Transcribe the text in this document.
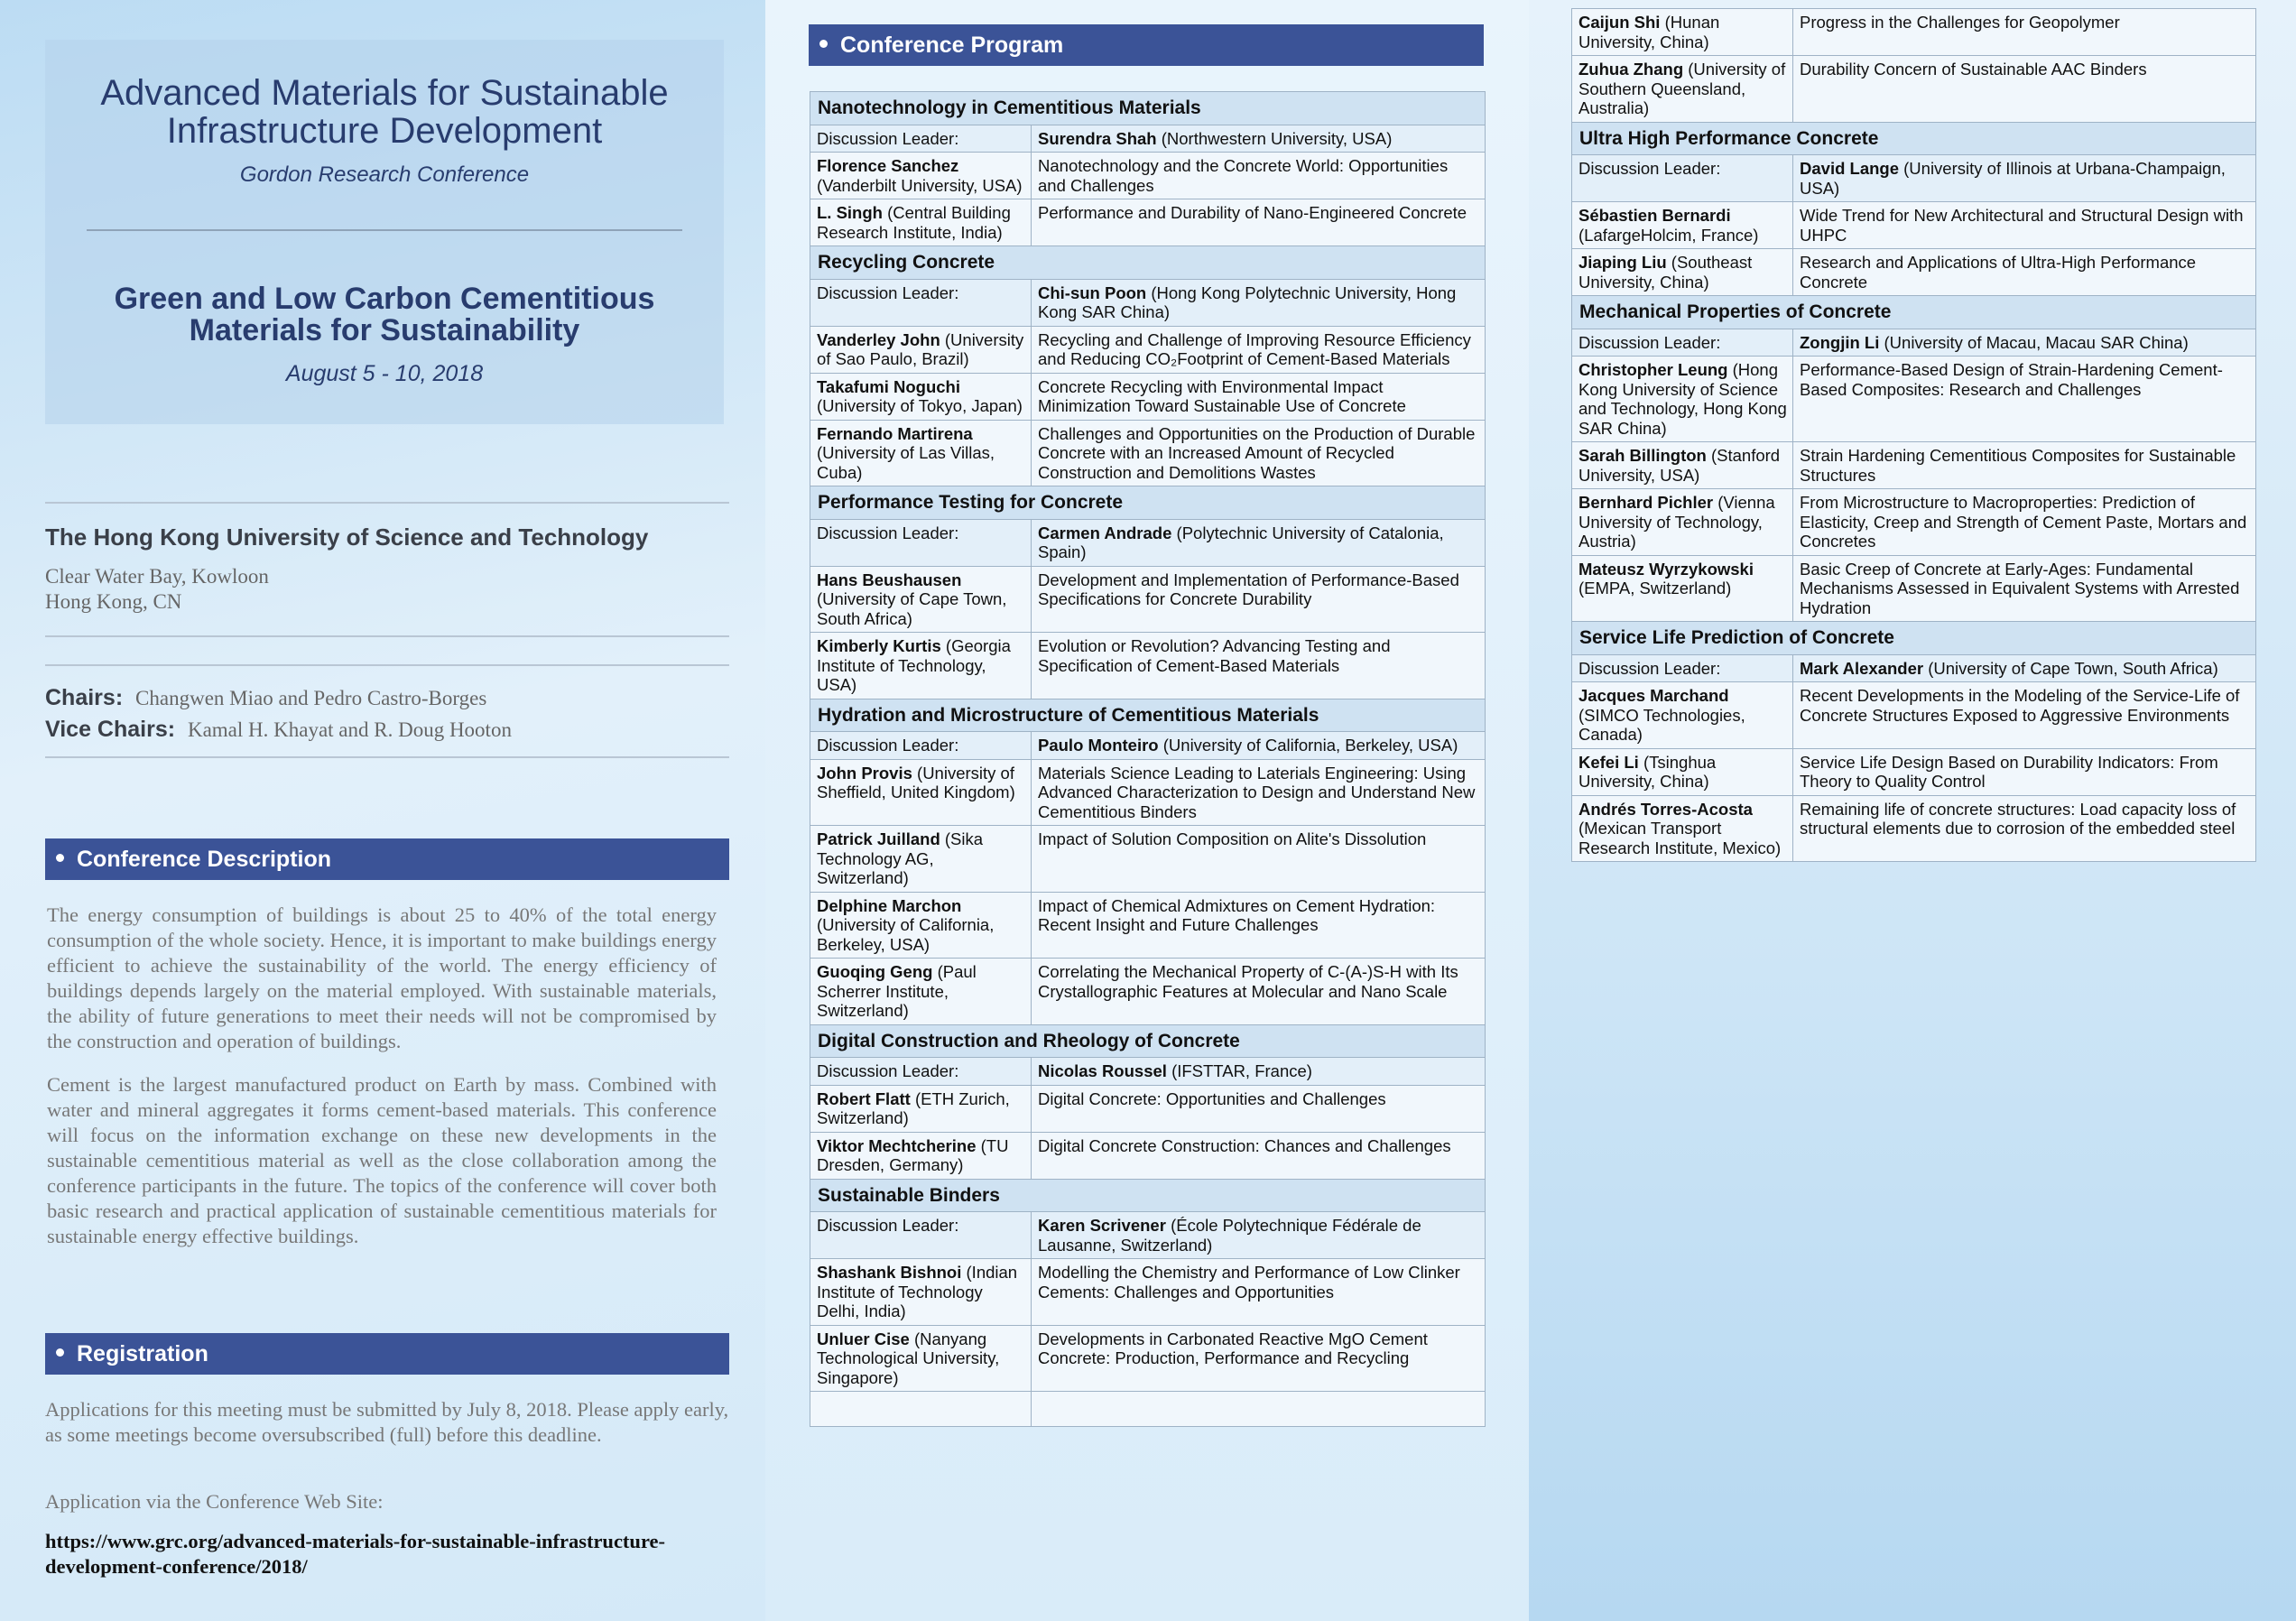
Advanced Materials for Sustainable Infrastructure Development
Gordon Research Conference
Green and Low Carbon Cementitious Materials for Sustainability
August 5 - 10, 2018
The Hong Kong University of Science and Technology
Clear Water Bay, Kowloon
Hong Kong, CN
Chairs:  Changwen Miao and Pedro Castro-Borges
Vice Chairs:  Kamal H. Khayat and R. Doug Hooton
Conference Description
The energy consumption of buildings is about 25 to 40% of the total energy consumption of the whole society. Hence, it is important to make buildings energy efficient to achieve the sustainability of the world. The energy efficiency of buildings depends largely on the material employed. With sustainable materials, the ability of future generations to meet their needs will not be compromised by the construction and operation of buildings.
Cement is the largest manufactured product on Earth by mass. Combined with water and mineral aggregates it forms cement-based materials. This conference will focus on the information exchange on these new developments in the sustainable cementitious material as well as the close collaboration among the conference participants in the future. The topics of the conference will cover both basic research and practical application of sustainable cementitious materials for sustainable energy effective buildings.
Registration
Applications for this meeting must be submitted by July 8, 2018. Please apply early, as some meetings become oversubscribed (full) before this deadline.
Application via the Conference Web Site:
https://www.grc.org/advanced-materials-for-sustainable-infrastructure-development-conference/2018/
Conference Program
Nanotechnology in Cementitious Materials	
Discussion Leader:	Surendra Shah (Northwestern University, USA)
Florence Sanchez (Vanderbilt University, USA)	Nanotechnology and the Concrete World: Opportunities and Challenges
L. Singh (Central Building Research Institute, India)	Performance and Durability of Nano-Engineered Concrete
Recycling Concrete	
Discussion Leader:	Chi-sun Poon (Hong Kong Polytechnic University, Hong Kong SAR China)
Vanderley John (University of Sao Paulo, Brazil)	Recycling and Challenge of Improving Resource Efficiency and Reducing CO₂Footprint of Cement-Based Materials
Takafumi Noguchi (University of Tokyo, Japan)	Concrete Recycling with Environmental Impact Minimization Toward Sustainable Use of Concrete
Fernando Martirena (University of Las Villas, Cuba)	Challenges and Opportunities on the Production of Durable Concrete with an Increased Amount of Recycled Construction and Demolitions Wastes
Performance Testing for Concrete	
Discussion Leader:	Carmen Andrade (Polytechnic University of Catalonia, Spain)
Hans Beushausen (University of Cape Town, South Africa)	Development and Implementation of Performance-Based Specifications for Concrete Durability
Kimberly Kurtis (Georgia Institute of Technology, USA)	Evolution or Revolution? Advancing Testing and Specification of Cement-Based Materials
Hydration and Microstructure of Cementitious Materials	
Discussion Leader:	Paulo Monteiro (University of California, Berkeley, USA)
John Provis (University of Sheffield, United Kingdom)	Materials Science Leading to Laterials Engineering: Using Advanced Characterization to Design and Understand New Cementitious Binders
Patrick Juilland (Sika Technology AG, Switzerland)	Impact of Solution Composition on Alite's Dissolution
Delphine Marchon (University of California, Berkeley, USA)	Impact of Chemical Admixtures on Cement Hydration: Recent Insight and Future Challenges
Guoqing Geng (Paul Scherrer Institute, Switzerland)	Correlating the Mechanical Property of C-(A-)S-H with Its Crystallographic Features at Molecular and Nano Scale
Digital Construction and Rheology of Concrete	
Discussion Leader:	Nicolas Roussel (IFSTTAR, France)
Robert Flatt (ETH Zurich, Switzerland)	Digital Concrete: Opportunities and Challenges
Viktor Mechtcherine (TU Dresden, Germany)	Digital Concrete Construction: Chances and Challenges
Sustainable Binders	
Discussion Leader:	Karen Scrivener (École Polytechnique Fédérale de Lausanne, Switzerland)
Shashank Bishnoi (Indian Institute of Technology Delhi, India)	Modelling the Chemistry and Performance of Low Clinker Cements: Challenges and Opportunities
Unluer Cise (Nanyang Technological University, Singapore)	Developments in Carbonated Reactive MgO Cement Concrete: Production, Performance and Recycling

Caijun Shi (Hunan University, China)	Progress in the Challenges for Geopolymer
Zuhua Zhang (University of Southern Queensland, Australia)	Durability Concern of Sustainable AAC Binders
Ultra High Performance Concrete	
Discussion Leader:	David Lange (University of Illinois at Urbana-Champaign, USA)
Sébastien Bernardi (LafargeHolcim, France)	Wide Trend for New Architectural and Structural Design with UHPC
Jiaping Liu (Southeast University, China)	Research and Applications of Ultra-High Performance Concrete
Mechanical Properties of Concrete	
Discussion Leader:	Zongjin Li (University of Macau, Macau SAR China)
Christopher Leung (Hong Kong University of Science and Technology, Hong Kong SAR China)	Performance-Based Design of Strain-Hardening Cement-Based Composites: Research and Challenges
Sarah Billington (Stanford University, USA)	Strain Hardening Cementitious Composites for Sustainable Structures
Bernhard Pichler (Vienna University of Technology, Austria)	From Microstructure to Macroproperties: Prediction of Elasticity, Creep and Strength of Cement Paste, Mortars and Concretes
Mateusz Wyrzykowski (EMPA, Switzerland)	Basic Creep of Concrete at Early-Ages: Fundamental Mechanisms Assessed in Equivalent Systems with Arrested Hydration
Service Life Prediction of Concrete	
Discussion Leader:	Mark Alexander (University of Cape Town, South Africa)
Jacques Marchand (SIMCO Technologies, Canada)	Recent Developments in the Modeling of the Service-Life of Concrete Structures Exposed to Aggressive Environments
Kefei Li (Tsinghua University, China)	Service Life Design Based on Durability Indicators: From Theory to Quality Control
Andrés Torres-Acosta (Mexican Transport Research Institute, Mexico)	Remaining life of concrete structures: Load capacity loss of structural elements due to corrosion of the embedded steel
